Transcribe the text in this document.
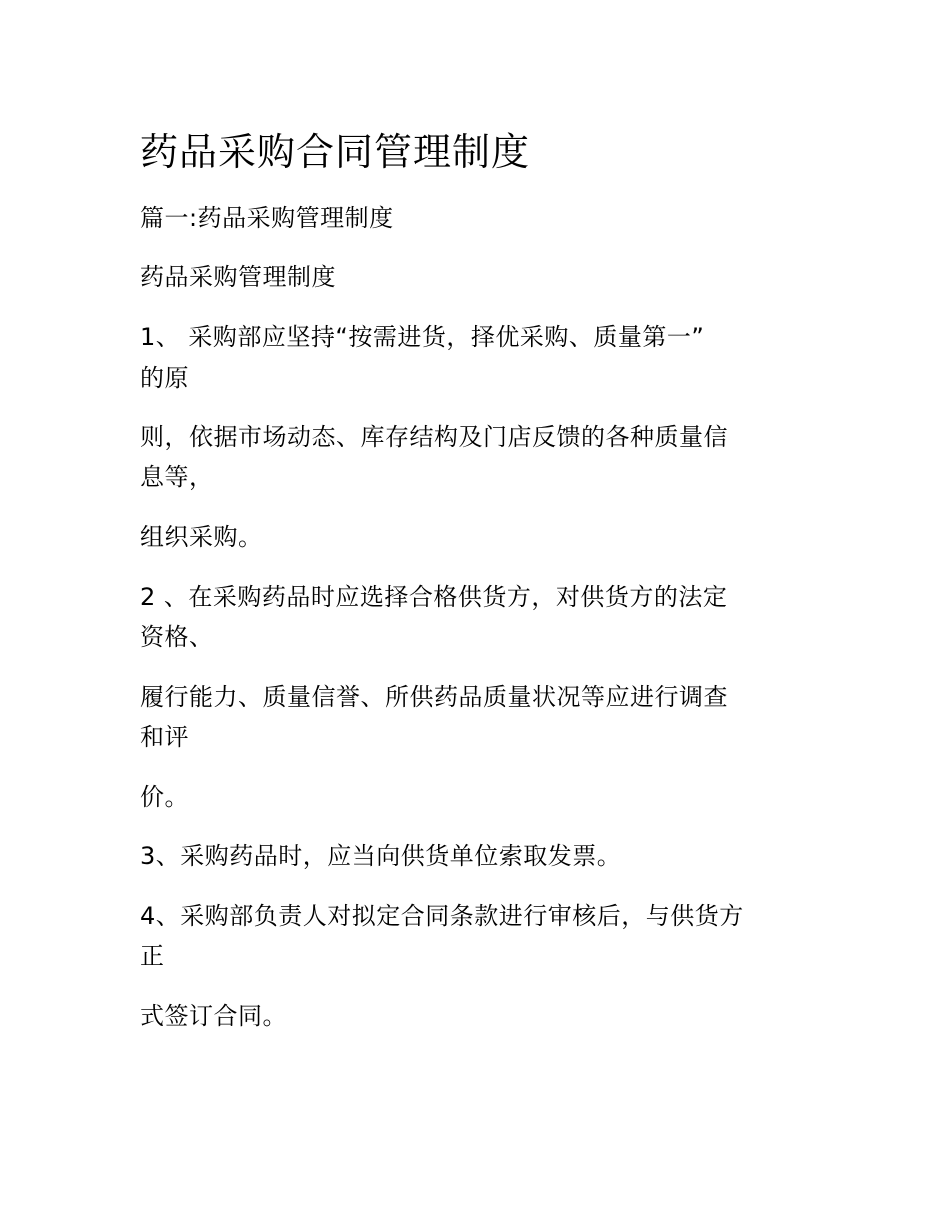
药品采购合同管理制度

篇一:药品采购管理制度

药品采购管理制度

1、 采购部应坚持“按需进货，择优采购、质量第一”

的原

则，依据市场动态、库存结构及门店反馈的各种质量信

息等，

组织采购。

2 、在采购药品时应选择合格供货方，对供货方的法定

资格、

履行能力、质量信誉、所供药品质量状况等应进行调查

和评

价。

3、采购药品时，应当向供货单位索取发票。

4、采购部负责人对拟定合同条款进行审核后，与供货方

正

式签订合同。
